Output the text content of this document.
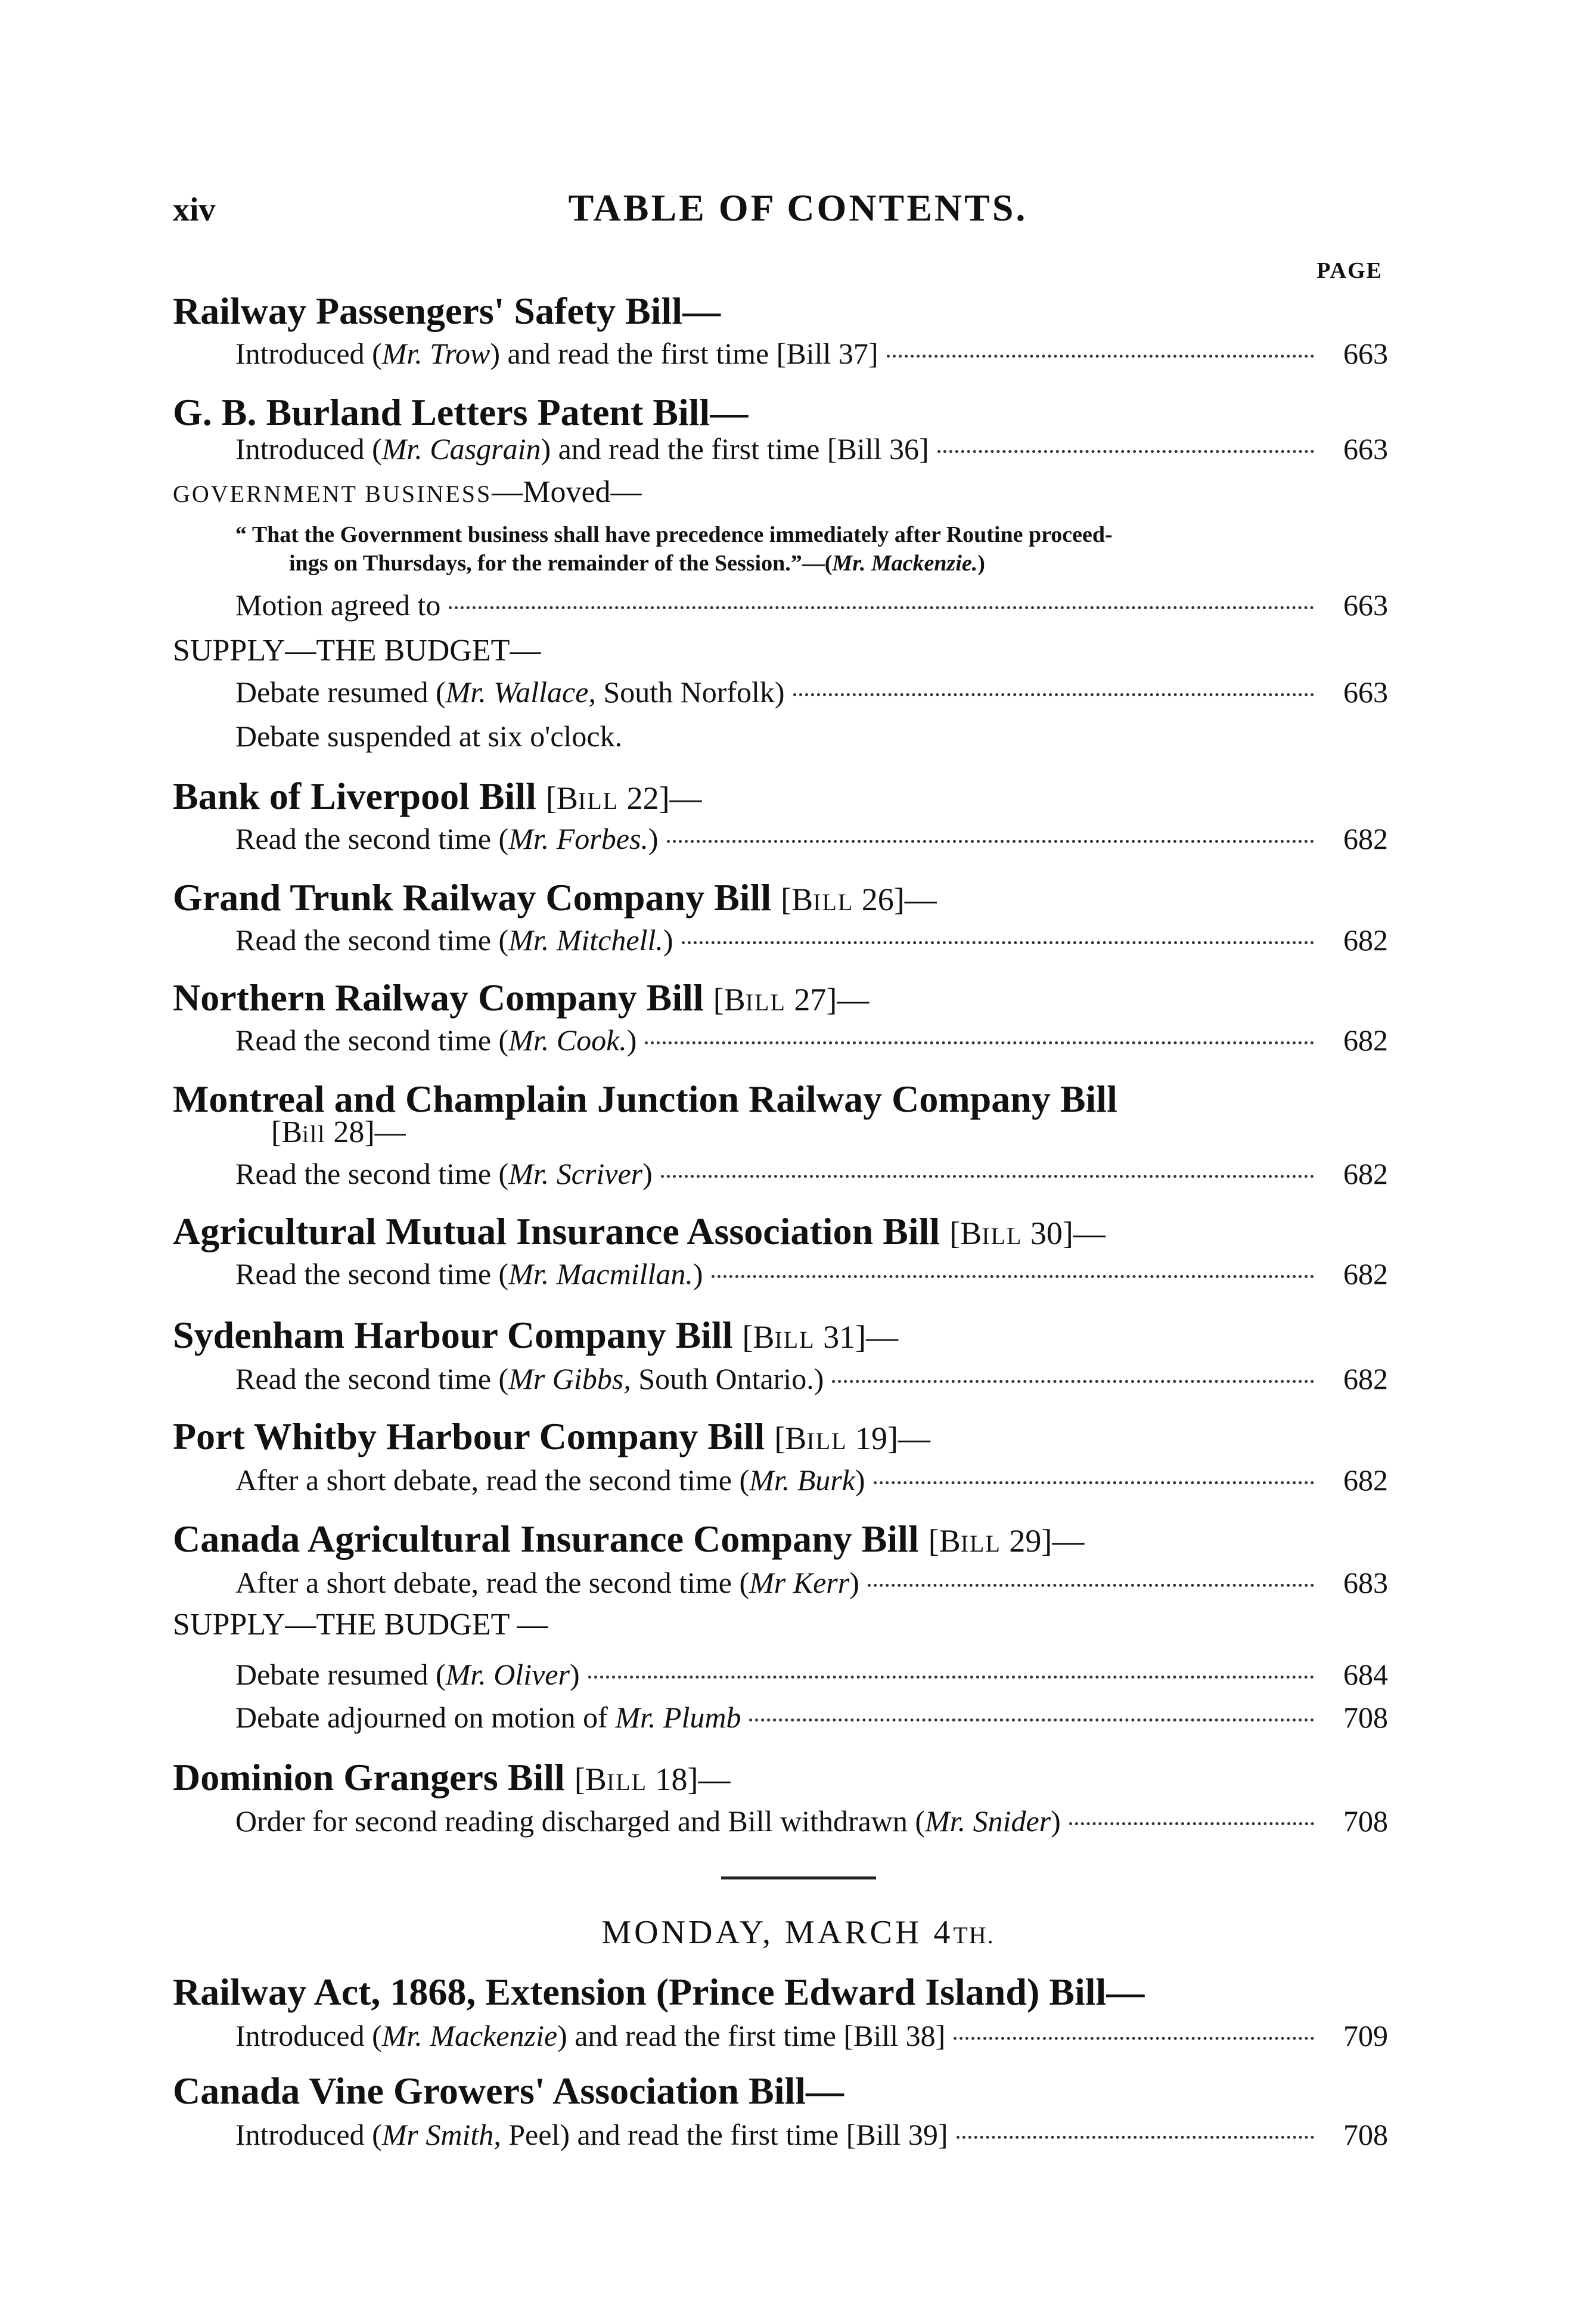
xiv	TABLE OF CONTENTS.
PAGE
Railway Passengers' Safety Bill—
Introduced (Mr. Trow) and read the first time [Bill 37]	663
G. B. Burland Letters Patent Bill—
Introduced (Mr. Casgrain) and read the first time [Bill 36]	663
GOVERNMENT BUSINESS—Moved—
“ That the Government business shall have precedence immediately after Routine proceed-
ings on Thursdays, for the remainder of the Session.”—(Mr. Mackenzie.)
Motion agreed to	663
SUPPLY—THE BUDGET—
Debate resumed (Mr. Wallace, South Norfolk)	663
Debate suspended at six o'clock.
Bank of Liverpool Bill [BILL 22]—
Read the second time (Mr. Forbes.)	682
Grand Trunk Railway Company Bill [BILL 26]—
Read the second time (Mr. Mitchell.)	682
Northern Railway Company Bill [BILL 27]—
Read the second time (Mr. Cook.)	682
Montreal and Champlain Junction Railway Company Bill
[Bill 28]—
Read the second time (Mr. Scriver)	682
Agricultural Mutual Insurance Association Bill [BILL 30]—
Read the second time (Mr. Macmillan.)	682
Sydenham Harbour Company Bill [BILL 31]—
Read the second time (Mr Gibbs, South Ontario.)	682
Port Whitby Harbour Company Bill [BILL 19]—
After a short debate, read the second time (Mr. Burk)	682
Canada Agricultural Insurance Company Bill [BILL 29]—
After a short debate, read the second time (Mr Kerr)	683
SUPPLY—THE BUDGET —
Debate resumed (Mr. Oliver)	684
Debate adjourned on motion of Mr. Plumb	708
Dominion Grangers Bill [BILL 18]—
Order for second reading discharged and Bill withdrawn (Mr. Snider)	708
MONDAY, MARCH 4TH.
Railway Act, 1868, Extension (Prince Edward Island) Bill—
Introduced (Mr. Mackenzie) and read the first time [Bill 38]	709
Canada Vine Growers' Association Bill—
Introduced (Mr Smith, Peel) and read the first time [Bill 39]	708
